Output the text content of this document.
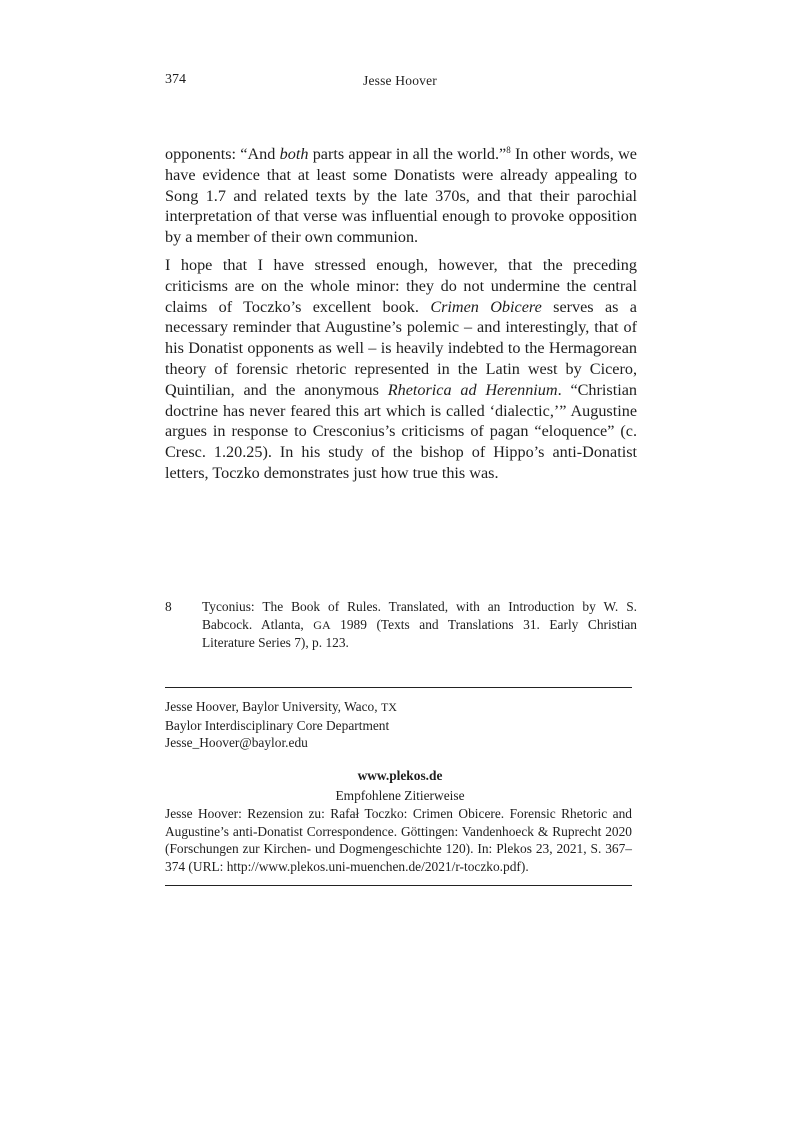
374	Jesse Hoover

opponents: “And both parts appear in all the world.”$^8$ In other words, we have evidence that at least some Donatists were already appealing to Song 1.7 and related texts by the late 370s, and that their parochial interpretation of that verse was influential enough to provoke opposition by a member of their own communion.

I hope that I have stressed enough, however, that the preceding criticisms are on the whole minor: they do not undermine the central claims of Toczko’s excellent book. Crimen Obicere serves as a necessary reminder that Augustine’s polemic – and interestingly, that of his Donatist opponents as well – is heavily indebted to the Hermagorean theory of forensic rhetoric represented in the Latin west by Cicero, Quintilian, and the anonymous Rhetorica ad Herennium. “Christian doctrine has never feared this art which is called ‘dialectic,’” Augustine argues in response to Cresconius’s criticisms of pagan “eloquence” (c. Cresc. 1.20.25). In his study of the bishop of Hippo’s anti-Donatist letters, Toczko demonstrates just how true this was.

8	Tyconius: The Book of Rules. Translated, with an Introduction by W. S. Babcock. Atlanta, GA 1989 (Texts and Translations 31. Early Christian Literature Series 7), p. 123.
Jesse Hoover, Baylor University, Waco, TX
Baylor Interdisciplinary Core Department
Jesse_Hoover@baylor.edu
www.plekos.de
Empfohlene Zitierweise
Jesse Hoover: Rezension zu: Rafał Toczko: Crimen Obicere. Forensic Rhetoric and Augustine’s anti-Donatist Correspondence. Göttingen: Vandenhoeck & Ruprecht 2020 (Forschungen zur Kirchen- und Dogmengeschichte 120). In: Plekos 23, 2021, S. 367–374 (URL: http://www.plekos.uni-muenchen.de/2021/r-toczko.pdf).
